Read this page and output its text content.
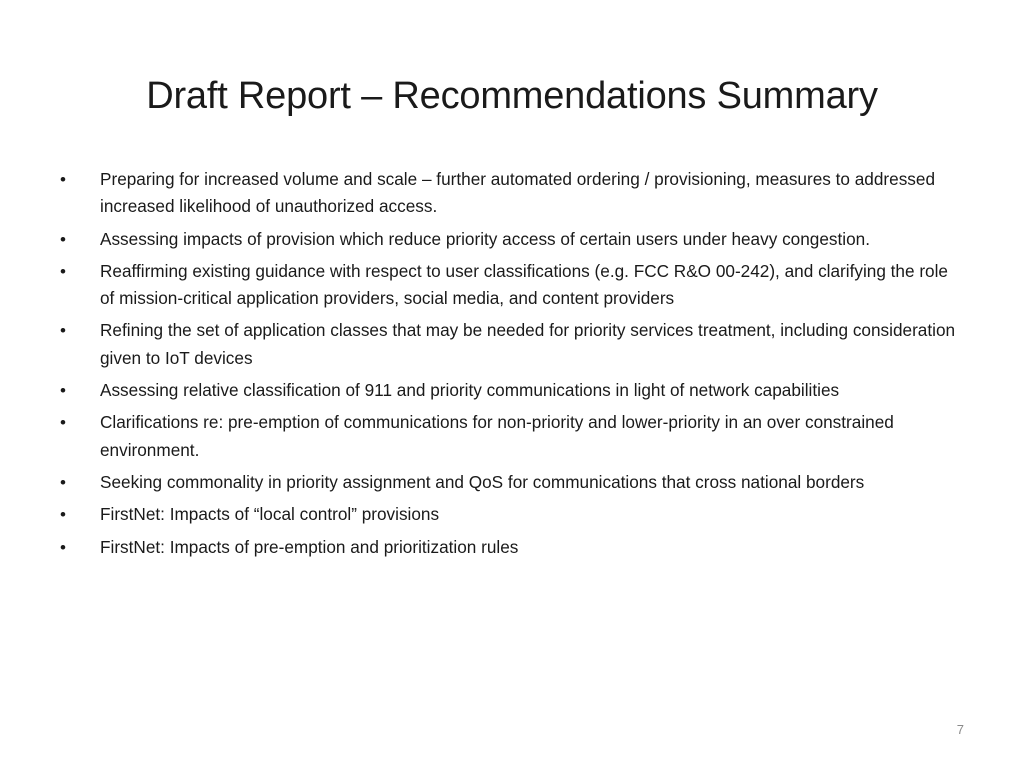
Draft Report – Recommendations Summary
• Preparing for increased volume and scale – further automated ordering / provisioning, measures to addressed increased likelihood of unauthorized access.
• Assessing impacts of provision which reduce priority access of certain users under heavy congestion.
• Reaffirming existing guidance with respect to user classifications (e.g. FCC R&O 00-242), and clarifying the role of mission-critical application providers, social media, and content providers
• Refining the set of application classes that may be needed for priority services treatment, including consideration given to IoT devices
• Assessing relative classification of 911 and priority communications in light of network capabilities
• Clarifications re: pre-emption of communications for non-priority and lower-priority in an over constrained environment.
• Seeking commonality in priority assignment and QoS for communications that cross national borders
• FirstNet: Impacts of “local control” provisions
• FirstNet: Impacts of pre-emption and prioritization rules
7
